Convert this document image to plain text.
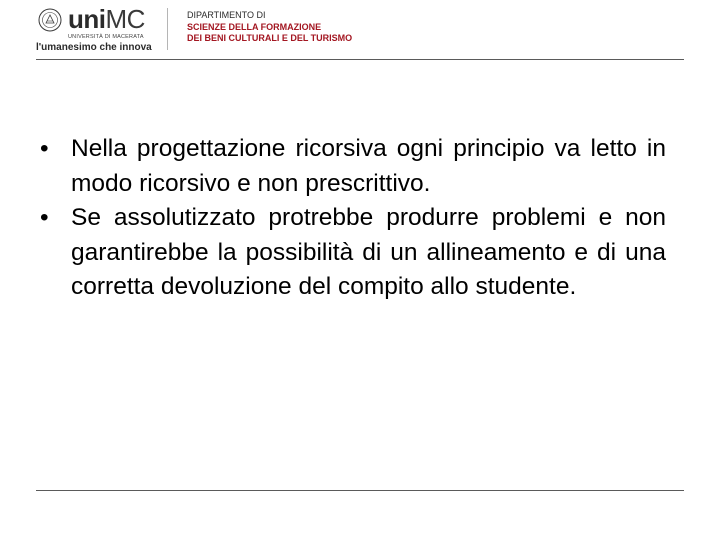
uniMC
UNIVERSITÀ DI MACERATA
l'umanesimo che innova
DIPARTIMENTO DI
SCIENZE DELLA FORMAZIONE
DEI BENI CULTURALI E DEL TURISMO
• Nella progettazione ricorsiva ogni principio va letto in modo ricorsivo e non prescrittivo.
• Se assolutizzato protrebbe produrre problemi e non garantirebbe la possibilità di un allineamento e di una corretta devoluzione del compito allo studente.
